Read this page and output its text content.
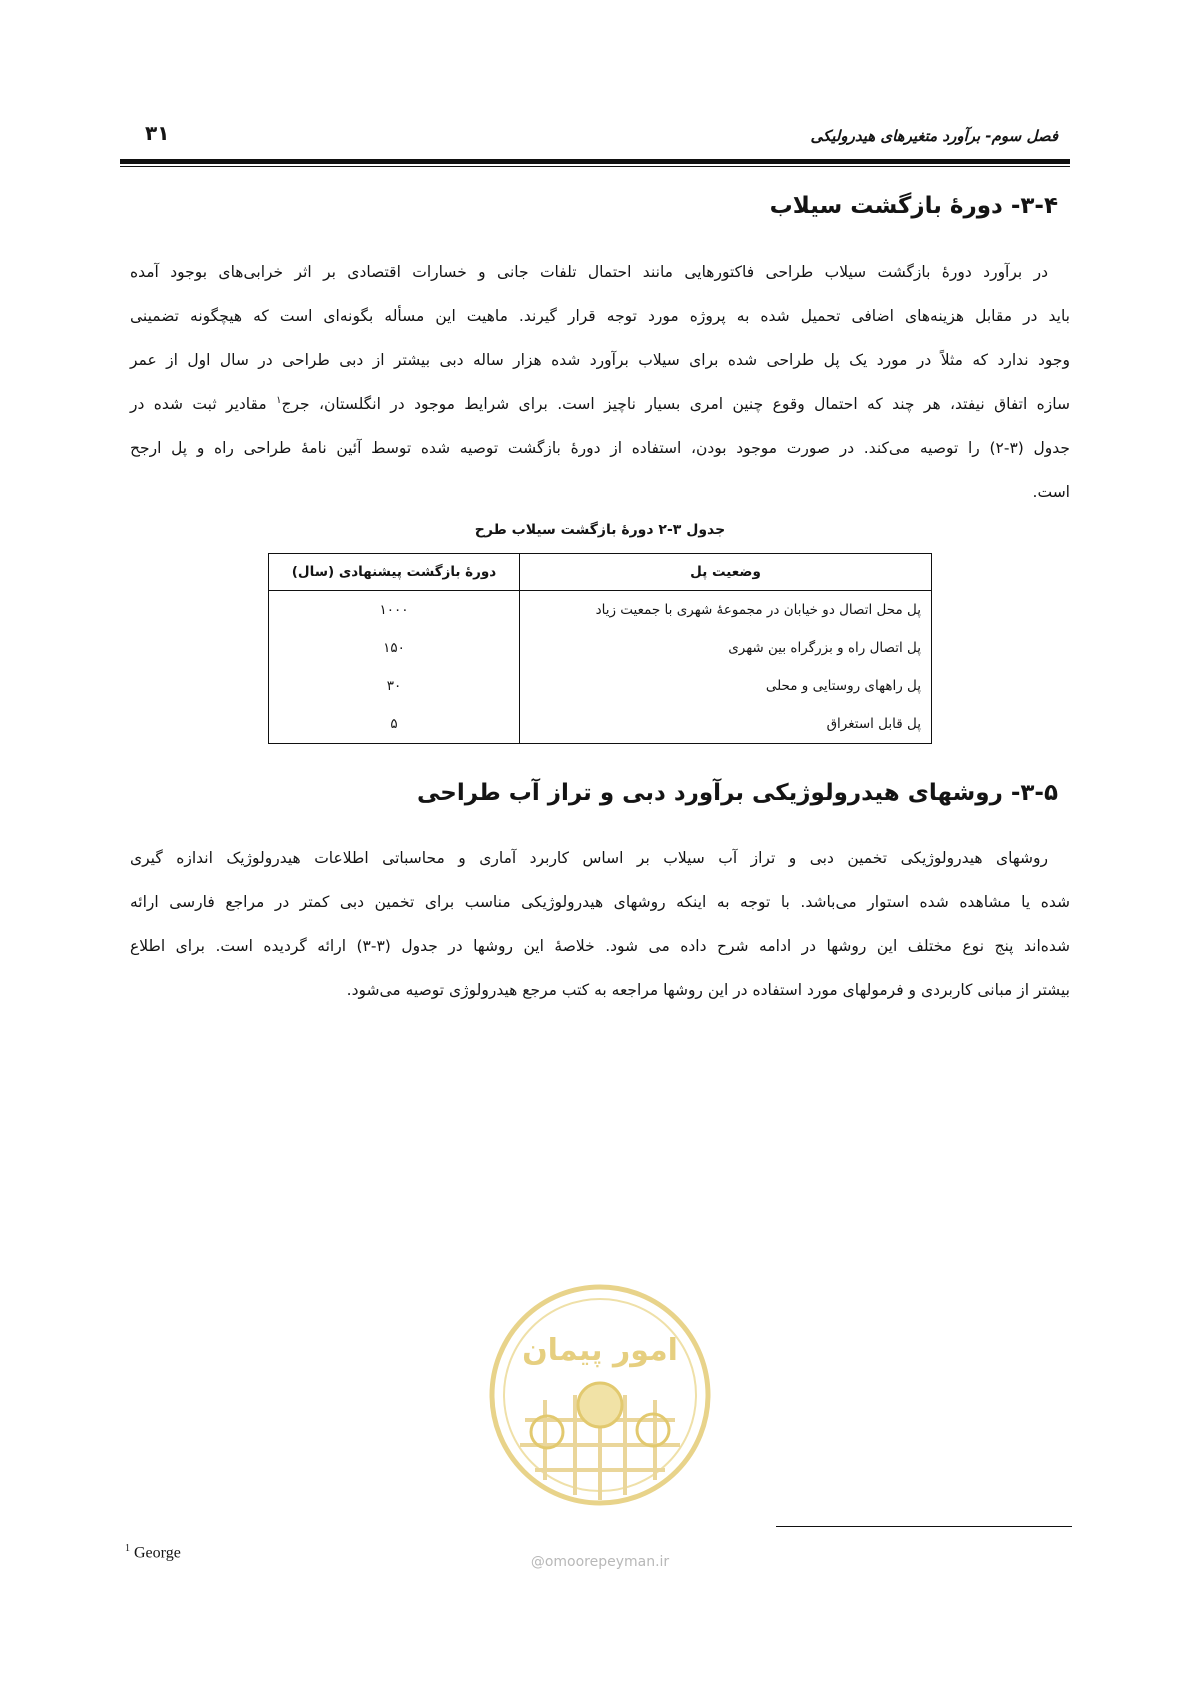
فصل سوم- برآورد متغیرهای هیدرولیکی
۳۱
۳-۴- دورهٔ بازگشت سیلاب
در برآورد دورهٔ بازگشت سیلاب طراحی فاکتورهایی مانند احتمال تلفات جانی و خسارات اقتصادی بر اثر خرابی‌های بوجود آمده
باید در مقابل هزینه‌های اضافی تحمیل شده به پروژه مورد توجه قرار گیرند. ماهیت این مسأله بگونه‌ای است که هیچگونه تضمینی
وجود ندارد که مثلاً در مورد یک پل طراحی شده برای سیلاب برآورد شده هزار ساله دبی بیشتر از دبی طراحی در سال اول از عمر
سازه اتفاق نیفتد، هر چند که احتمال وقوع چنین امری بسیار ناچیز است. برای شرایط موجود در انگلستان، جرج$^۱$ مقادیر ثبت شده در
جدول (۳-۲) را توصیه می‌کند. در صورت موجود بودن، استفاده از دورهٔ بازگشت توصیه شده توسط آئین نامهٔ طراحی راه و پل ارجح
است.
جدول ۳-۲ دورهٔ بازگشت سیلاب طرح
وضعیت پل	دورهٔ بازگشت پیشنهادی (سال)
پل محل اتصال دو خیابان در مجموعهٔ شهری با جمعیت زیاد	۱۰۰۰
پل اتصال راه و بزرگراه بین شهری	۱۵۰
پل راههای روستایی و محلی	۳۰
پل قابل استغراق	۵
۳-۵- روشهای هیدرولوژیکی برآورد دبی و تراز آب طراحی
روشهای هیدرولوژیکی تخمین دبی و تراز آب سیلاب بر اساس کاربرد آماری و محاسباتی اطلاعات هیدرولوژیک اندازه گیری
شده یا مشاهده شده استوار می‌باشد. با توجه به اینکه روشهای هیدرولوژیکی مناسب برای تخمین دبی کمتر در مراجع فارسی ارائه
شده‌اند پنج نوع مختلف این روشها در ادامه شرح داده می شود. خلاصهٔ این روشها در جدول (۳-۳) ارائه گردیده است. برای اطلاع
بیشتر از مبانی کاربردی و فرمولهای مورد استفاده در این روشها مراجعه به کتب مرجع هیدرولوژی توصیه می‌شود.
امور پیمان
@omoorepeyman.ir
$^1$ George
